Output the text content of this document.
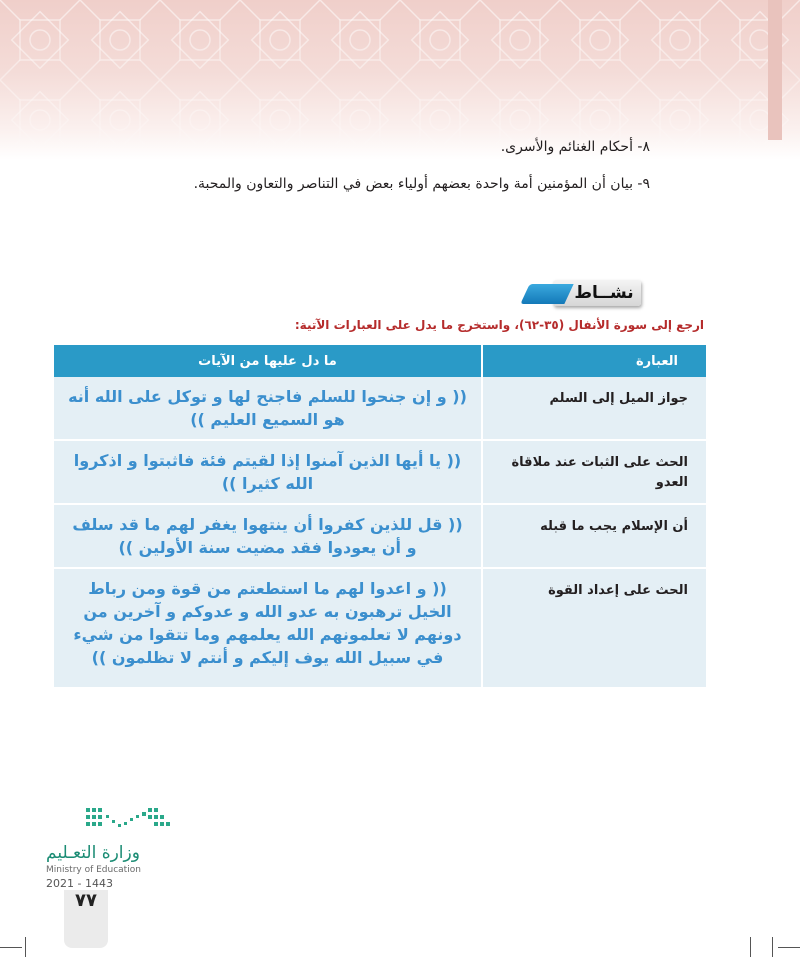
٨- أحكام الغنائم والأسرى.
٩- بيان أن المؤمنين أمة واحدة بعضهم أولياء بعض في التناصر والتعاون والمحبة.
نشــاط
ارجع إلى سورة الأنفال (٣٥-٦٢)، واستخرج ما يدل على العبارات الآتية:
العبارة	ما دل عليها من الآيات
جواز الميل إلى السلم	(( و إن جنحوا للسلم فاجنح لها و توكل على الله أنه هو السميع العليم ))
الحث على الثبات عند ملاقاة العدو	(( يا أيها الذين آمنوا إذا لقيتم فئة فاثبتوا و اذكروا الله كثيرا ))
أن الإسلام يجب ما قبله	(( قل للذين كفروا أن ينتهوا يغفر لهم ما قد سلف و أن يعودوا فقد مضيت سنة الأولين ))
الحث على إعداد القوة	(( و اعدوا لهم ما استطعتم من قوة ومن رباط الخيل ترهبون به عدو الله و عدوكم و آخرين من دونهم لا تعلمونهم الله يعلمهم وما تتقوا من شيء في سبيل الله يوف إليكم و أنتم لا تظلمون ))
وزارة التعـليم
Ministry of Education
2021 - 1443
٧٧
